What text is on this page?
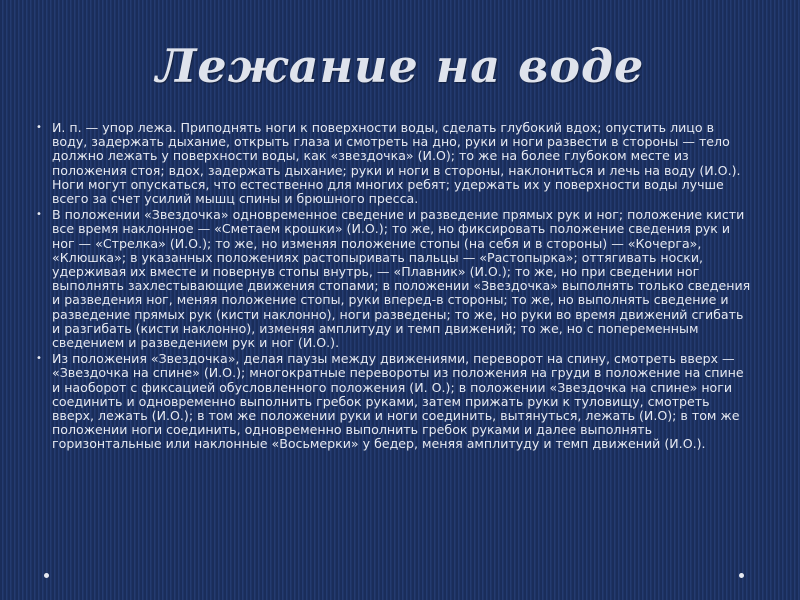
Лежание на воде
• И. п. — упор лежа. Приподнять ноги к поверхности воды, сделать глубокий вдох; опустить лицо в воду, задержать дыхание, открыть глаза и смотреть на дно, руки и ноги развести в стороны — тело должно лежать у поверхности воды, как «звездочка» (И.О); то же на более глубоком месте из положения стоя; вдох, задержать дыхание; руки и ноги в стороны, наклониться и лечь на воду (И.О.). Ноги могут опускаться, что естественно для многих ребят; удержать их у поверхности воды лучше всего за счет усилий мышц спины и брюшного пресса.
• В положении «Звездочка» одновременное сведение и разведение прямых рук и ног; положение кисти все время наклонное — «Сметаем крошки» (И.О.); то же, но фиксировать положение сведения рук и ног — «Стрелка» (И.О.); то же, но изменяя положение стопы (на себя и в стороны) — «Кочерга», «Клюшка»; в указанных положениях растопыривать пальцы — «Растопырка»; оттягивать носки, удерживая их вместе и повернув стопы внутрь, — «Плавник» (И.О.); то же, но при сведении ног выполнять захлестывающие движения стопами; в положении «Звездочка» выполнять только сведения и разведения ног, меняя положение стопы, руки вперед-в стороны; то же, но выполнять сведение и разведение прямых рук (кисти наклонно), ноги разведены; то же, но руки во время движений сгибать и разгибать (кисти наклонно), изменяя амплитуду и темп движений; то же, но с попеременным сведением и разведением рук и ног (И.О.).
• Из положения «Звездочка», делая паузы между движениями, переворот на спину, смотреть вверх — «Звездочка на спине» (И.О.); многократные перевороты из положения на груди в положение на спине и наоборот с фиксацией обусловленного положения (И. О.); в положении «Звездочка на спине» ноги соединить и одновременно выполнить гребок руками, затем прижать руки к туловищу, смотреть вверх, лежать (И.О.); в том же положении руки и ноги соединить, вытянуться, лежать (И.О); в том же положении ноги соединить, одновременно выполнить гребок руками и далее выполнять горизонтальные или наклонные «Восьмерки» у бедер, меняя амплитуду и темп движений (И.О.).
